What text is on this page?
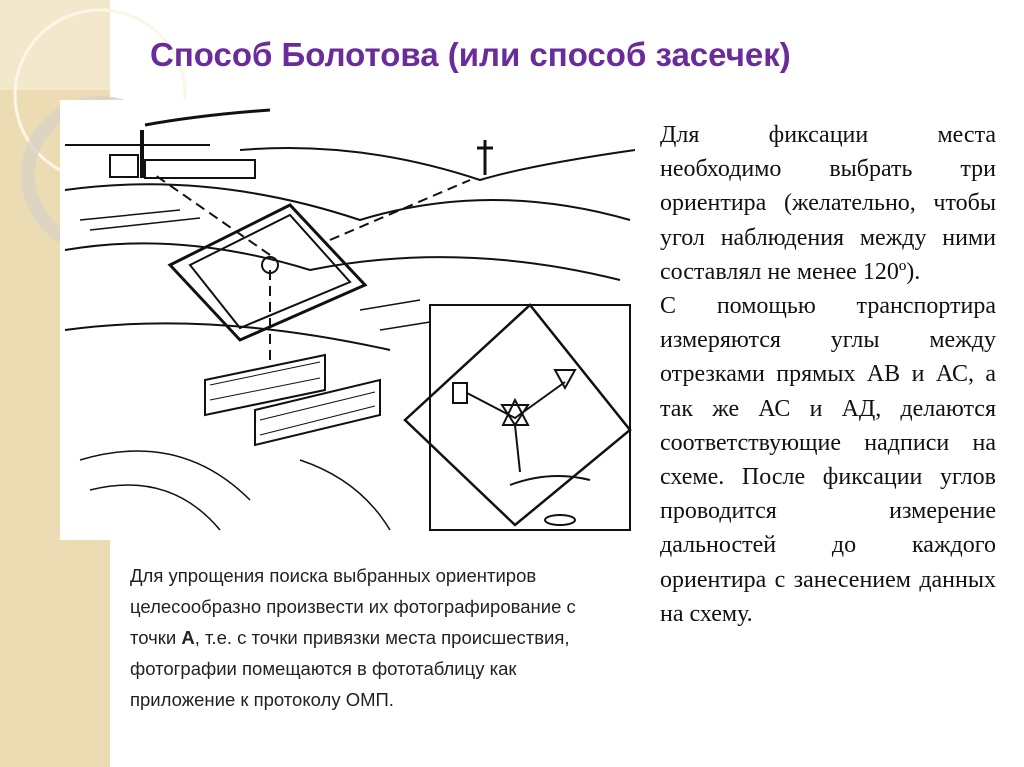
Способ Болотова (или способ засечек)

Для фиксации места необходимо выбрать три ориентира (желательно, чтобы угол наблюдения между ними составлял не менее 120º).

С помощью транспортира измеряются углы между отрезками прямых АВ и АС, а так же АС и АД, делаются соответствующие надписи на схеме. После фиксации углов проводится измерение дальностей до каждого ориентира с занесением данных на схему.

Для упрощения поиска выбранных ориентиров целесообразно произвести их фотографирование с точки А, т.е. с точки привязки места происшествия, фотографии помещаются в фототаблицу как приложение к протоколу ОМП.
